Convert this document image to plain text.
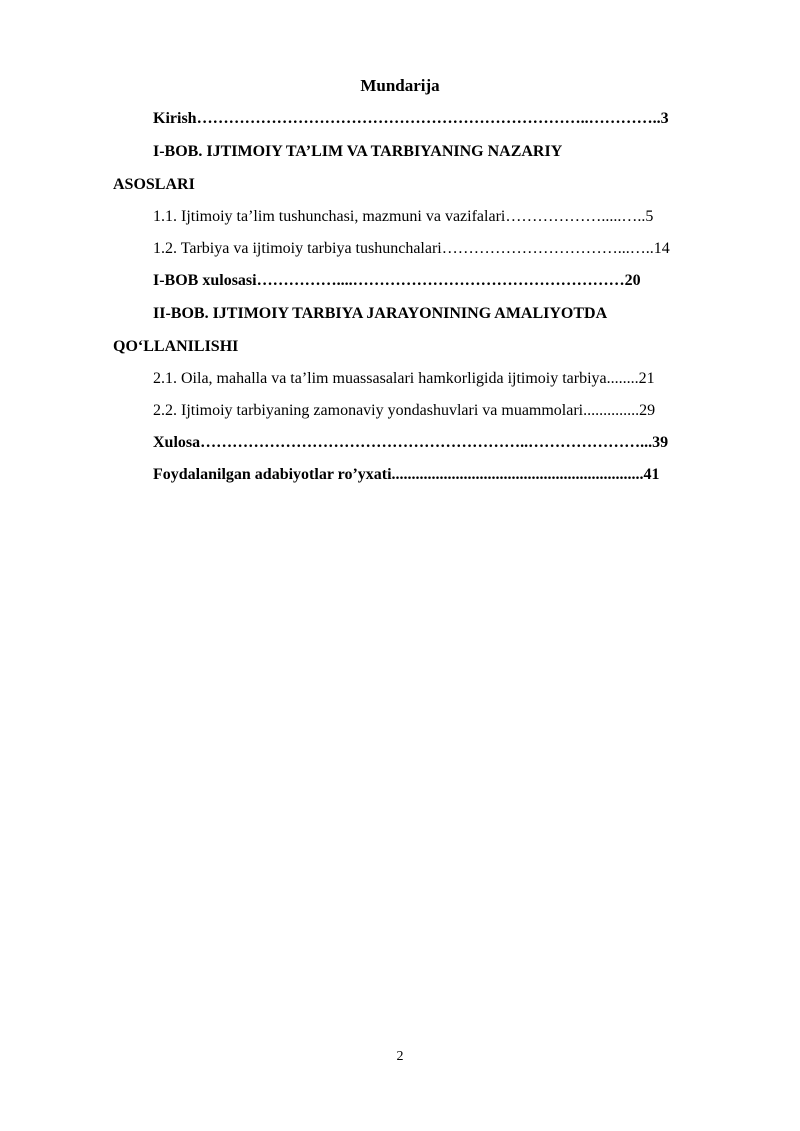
Mundarija
Kirish………………………………………………………………..…………..3
I-BOB. IJTIMOIY TA’LIM VA TARBIYANING NAZARIY
ASOSLARI
1.1. Ijtimoiy ta’lim tushunchasi, mazmuni va vazifalari……………….....…..5
1.2. Tarbiya va ijtimoiy tarbiya tushunchalari……………………………...…..14
I-BOB xulosasi……………....……………………………………………20
II-BOB. IJTIMOIY TARBIYA JARAYONINING AMALIYOTDA
QO‘LLANILISHI
2.1. Oila, mahalla va ta’lim muassasalari hamkorligida ijtimoiy tarbiya........21
2.2. Ijtimoiy tarbiyaning zamonaviy yondashuvlari va muammolari..............29
Xulosa……………………………………………………..…………………...39
Foydalanilgan adabiyotlar ro’yxati...............................................................41
2
